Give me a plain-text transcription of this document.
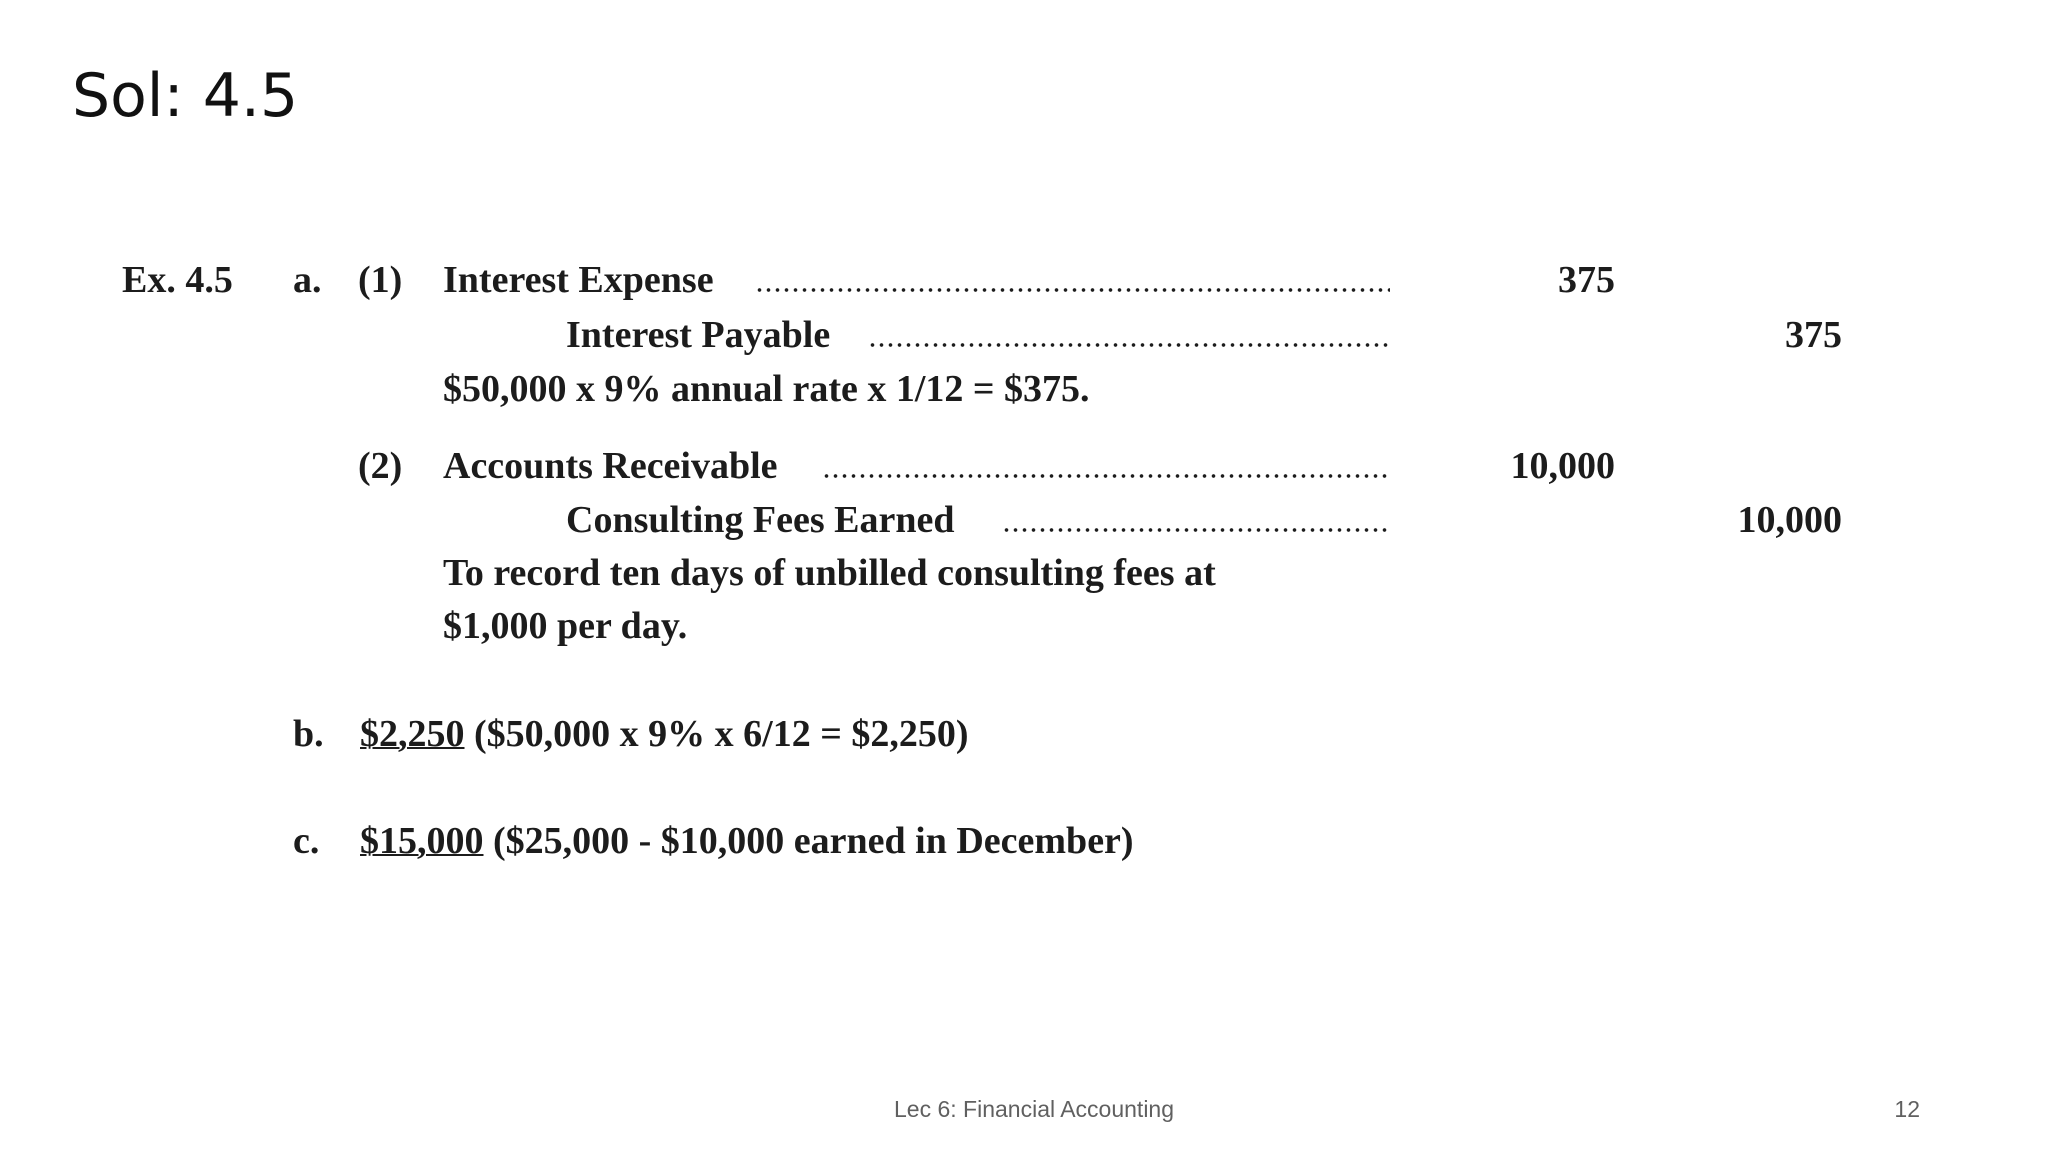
Sol: 4.5
Ex. 4.5 a. (1) Interest Expense	375
Interest Payable	375
$50,000 x 9% annual rate x 1/12 = $375.
(2) Accounts Receivable	10,000
Consulting Fees Earned	10,000
To record ten days of unbilled consulting fees at
$1,000 per day.
b. $2,250 ($50,000 x 9% x 6/12 = $2,250)
c. $15,000 ($25,000 - $10,000 earned in December)
Lec 6: Financial Accounting	12
